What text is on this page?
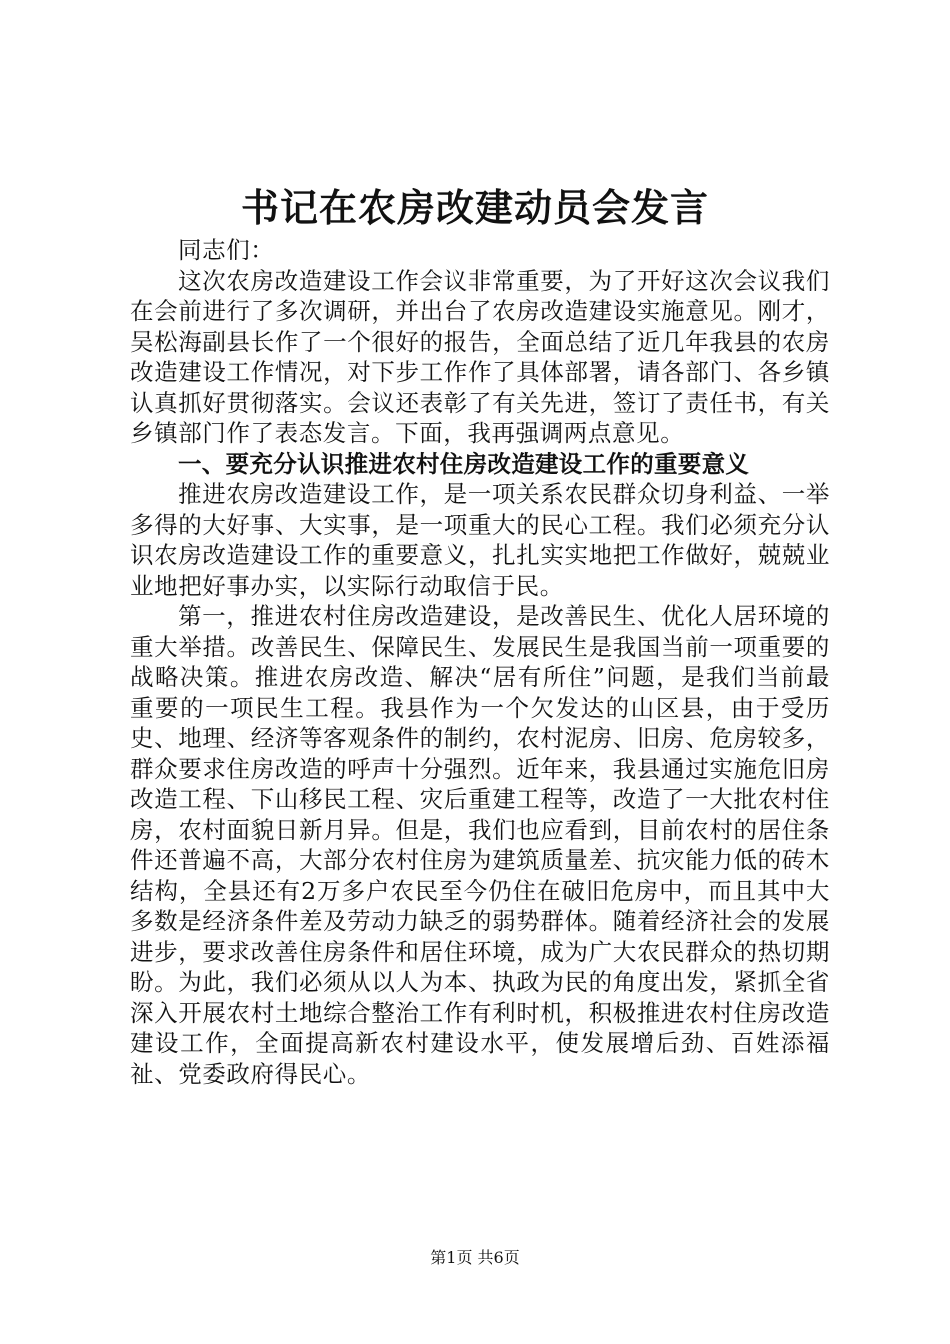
书记在农房改建动员会发言

同志们：

这次农房改造建设工作会议非常重要，为了开好这次会议我们在会前进行了多次调研，并出台了农房改造建设实施意见。刚才，吴松海副县长作了一个很好的报告，全面总结了近几年我县的农房改造建设工作情况，对下步工作作了具体部署，请各部门、各乡镇认真抓好贯彻落实。会议还表彰了有关先进，签订了责任书，有关乡镇部门作了表态发言。下面，我再强调两点意见。

一、要充分认识推进农村住房改造建设工作的重要意义

推进农房改造建设工作，是一项关系农民群众切身利益、一举多得的大好事、大实事，是一项重大的民心工程。我们必须充分认识农房改造建设工作的重要意义，扎扎实实地把工作做好，兢兢业业地把好事办实，以实际行动取信于民。

第一，推进农村住房改造建设，是改善民生、优化人居环境的重大举措。改善民生、保障民生、发展民生是我国当前一项重要的战略决策。推进农房改造、解决“居有所住”问题，是我们当前最重要的一项民生工程。我县作为一个欠发达的山区县，由于受历史、地理、经济等客观条件的制约，农村泥房、旧房、危房较多，群众要求住房改造的呼声十分强烈。近年来，我县通过实施危旧房改造工程、下山移民工程、灾后重建工程等，改造了一大批农村住房，农村面貌日新月异。但是，我们也应看到，目前农村的居住条件还普遍不高，大部分农村住房为建筑质量差、抗灾能力低的砖木结构，全县还有2万多户农民至今仍住在破旧危房中，而且其中大多数是经济条件差及劳动力缺乏的弱势群体。随着经济社会的发展进步，要求改善住房条件和居住环境，成为广大农民群众的热切期盼。为此，我们必须从以人为本、执政为民的角度出发，紧抓全省深入开展农村土地综合整治工作有利时机，积极推进农村住房改造建设工作，全面提高新农村建设水平，使发展增后劲、百姓添福祉、党委政府得民心。

第1页 共6页
